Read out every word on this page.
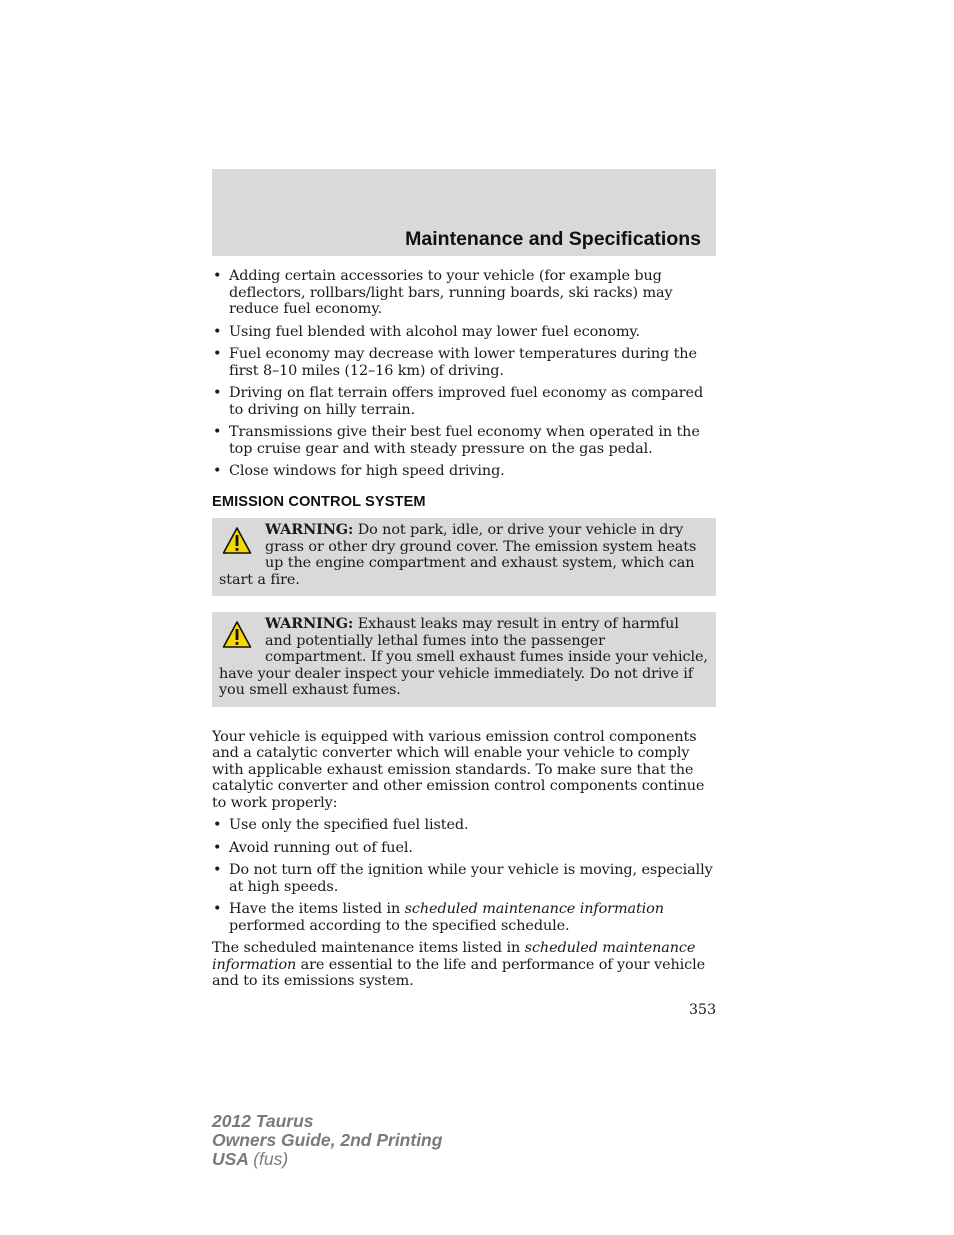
Maintenance and Specifications
• Adding certain accessories to your vehicle (for example bug deflectors, rollbars/light bars, running boards, ski racks) may reduce fuel economy.
• Using fuel blended with alcohol may lower fuel economy.
• Fuel economy may decrease with lower temperatures during the first 8–10 miles (12–16 km) of driving.
• Driving on flat terrain offers improved fuel economy as compared to driving on hilly terrain.
• Transmissions give their best fuel economy when operated in the top cruise gear and with steady pressure on the gas pedal.
• Close windows for high speed driving.
EMISSION CONTROL SYSTEM
WARNING: Do not park, idle, or drive your vehicle in dry grass or other dry ground cover. The emission system heats up the engine compartment and exhaust system, which can start a fire.
WARNING: Exhaust leaks may result in entry of harmful and potentially lethal fumes into the passenger compartment. If you smell exhaust fumes inside your vehicle, have your dealer inspect your vehicle immediately. Do not drive if you smell exhaust fumes.

Your vehicle is equipped with various emission control components and a catalytic converter which will enable your vehicle to comply with applicable exhaust emission standards. To make sure that the catalytic converter and other emission control components continue to work properly:

• Use only the specified fuel listed.
• Avoid running out of fuel.
• Do not turn off the ignition while your vehicle is moving, especially at high speeds.
• Have the items listed in scheduled maintenance information performed according to the specified schedule.

The scheduled maintenance items listed in scheduled maintenance information are essential to the life and performance of your vehicle and to its emissions system.

353
2012 Taurus
Owners Guide, 2nd Printing
USA (fus)
